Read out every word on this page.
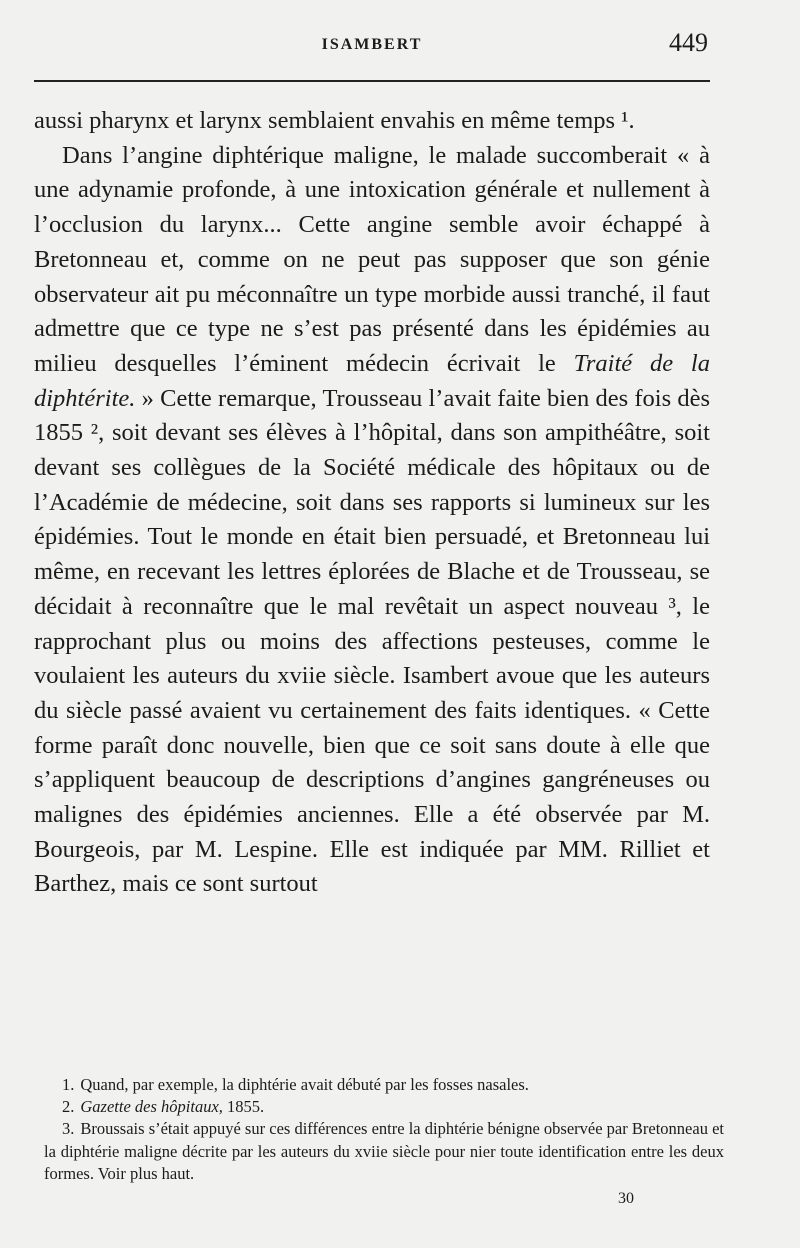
ISAMBERT	449

aussi pharynx et larynx semblaient envahis en même temps ¹.

Dans l’angine diphtérique maligne, le malade succomberait « à une adynamie profonde, à une intoxication générale et nullement à l’occlusion du larynx... Cette angine semble avoir échappé à Bretonneau et, comme on ne peut pas supposer que son génie observateur ait pu méconnaître un type morbide aussi tranché, il faut admettre que ce type ne s’est pas présenté dans les épidémies au milieu desquelles l’éminent médecin écrivait le Traité de la diphtérite. » Cette remarque, Trousseau l’avait faite bien des fois dès 1855 ², soit devant ses élèves à l’hôpital, dans son ampithéâtre, soit devant ses collègues de la Société médicale des hôpitaux ou de l’Académie de médecine, soit dans ses rapports si lumineux sur les épidémies. Tout le monde en était bien persuadé, et Bretonneau lui même, en recevant les lettres éplorées de Blache et de Trousseau, se décidait à reconnaître que le mal revêtait un aspect nouveau ³, le rapprochant plus ou moins des affections pesteuses, comme le voulaient les auteurs du xviie siècle. Isambert avoue que les auteurs du siècle passé avaient vu certainement des faits identiques. « Cette forme paraît donc nouvelle, bien que ce soit sans doute à elle que s’appliquent beaucoup de descriptions d’angines gangréneuses ou malignes des épidémies anciennes. Elle a été observée par M. Bourgeois, par M. Lespine. Elle est indiquée par MM. Rilliet et Barthez, mais ce sont surtout

1. Quand, par exemple, la diphtérie avait débuté par les fosses nasales.

2. Gazette des hôpitaux, 1855.

3. Broussais s’était appuyé sur ces différences entre la diphtérie bénigne observée par Bretonneau et la diphtérie maligne décrite par les auteurs du xviie siècle pour nier toute identification entre les deux formes. Voir plus haut.

30
